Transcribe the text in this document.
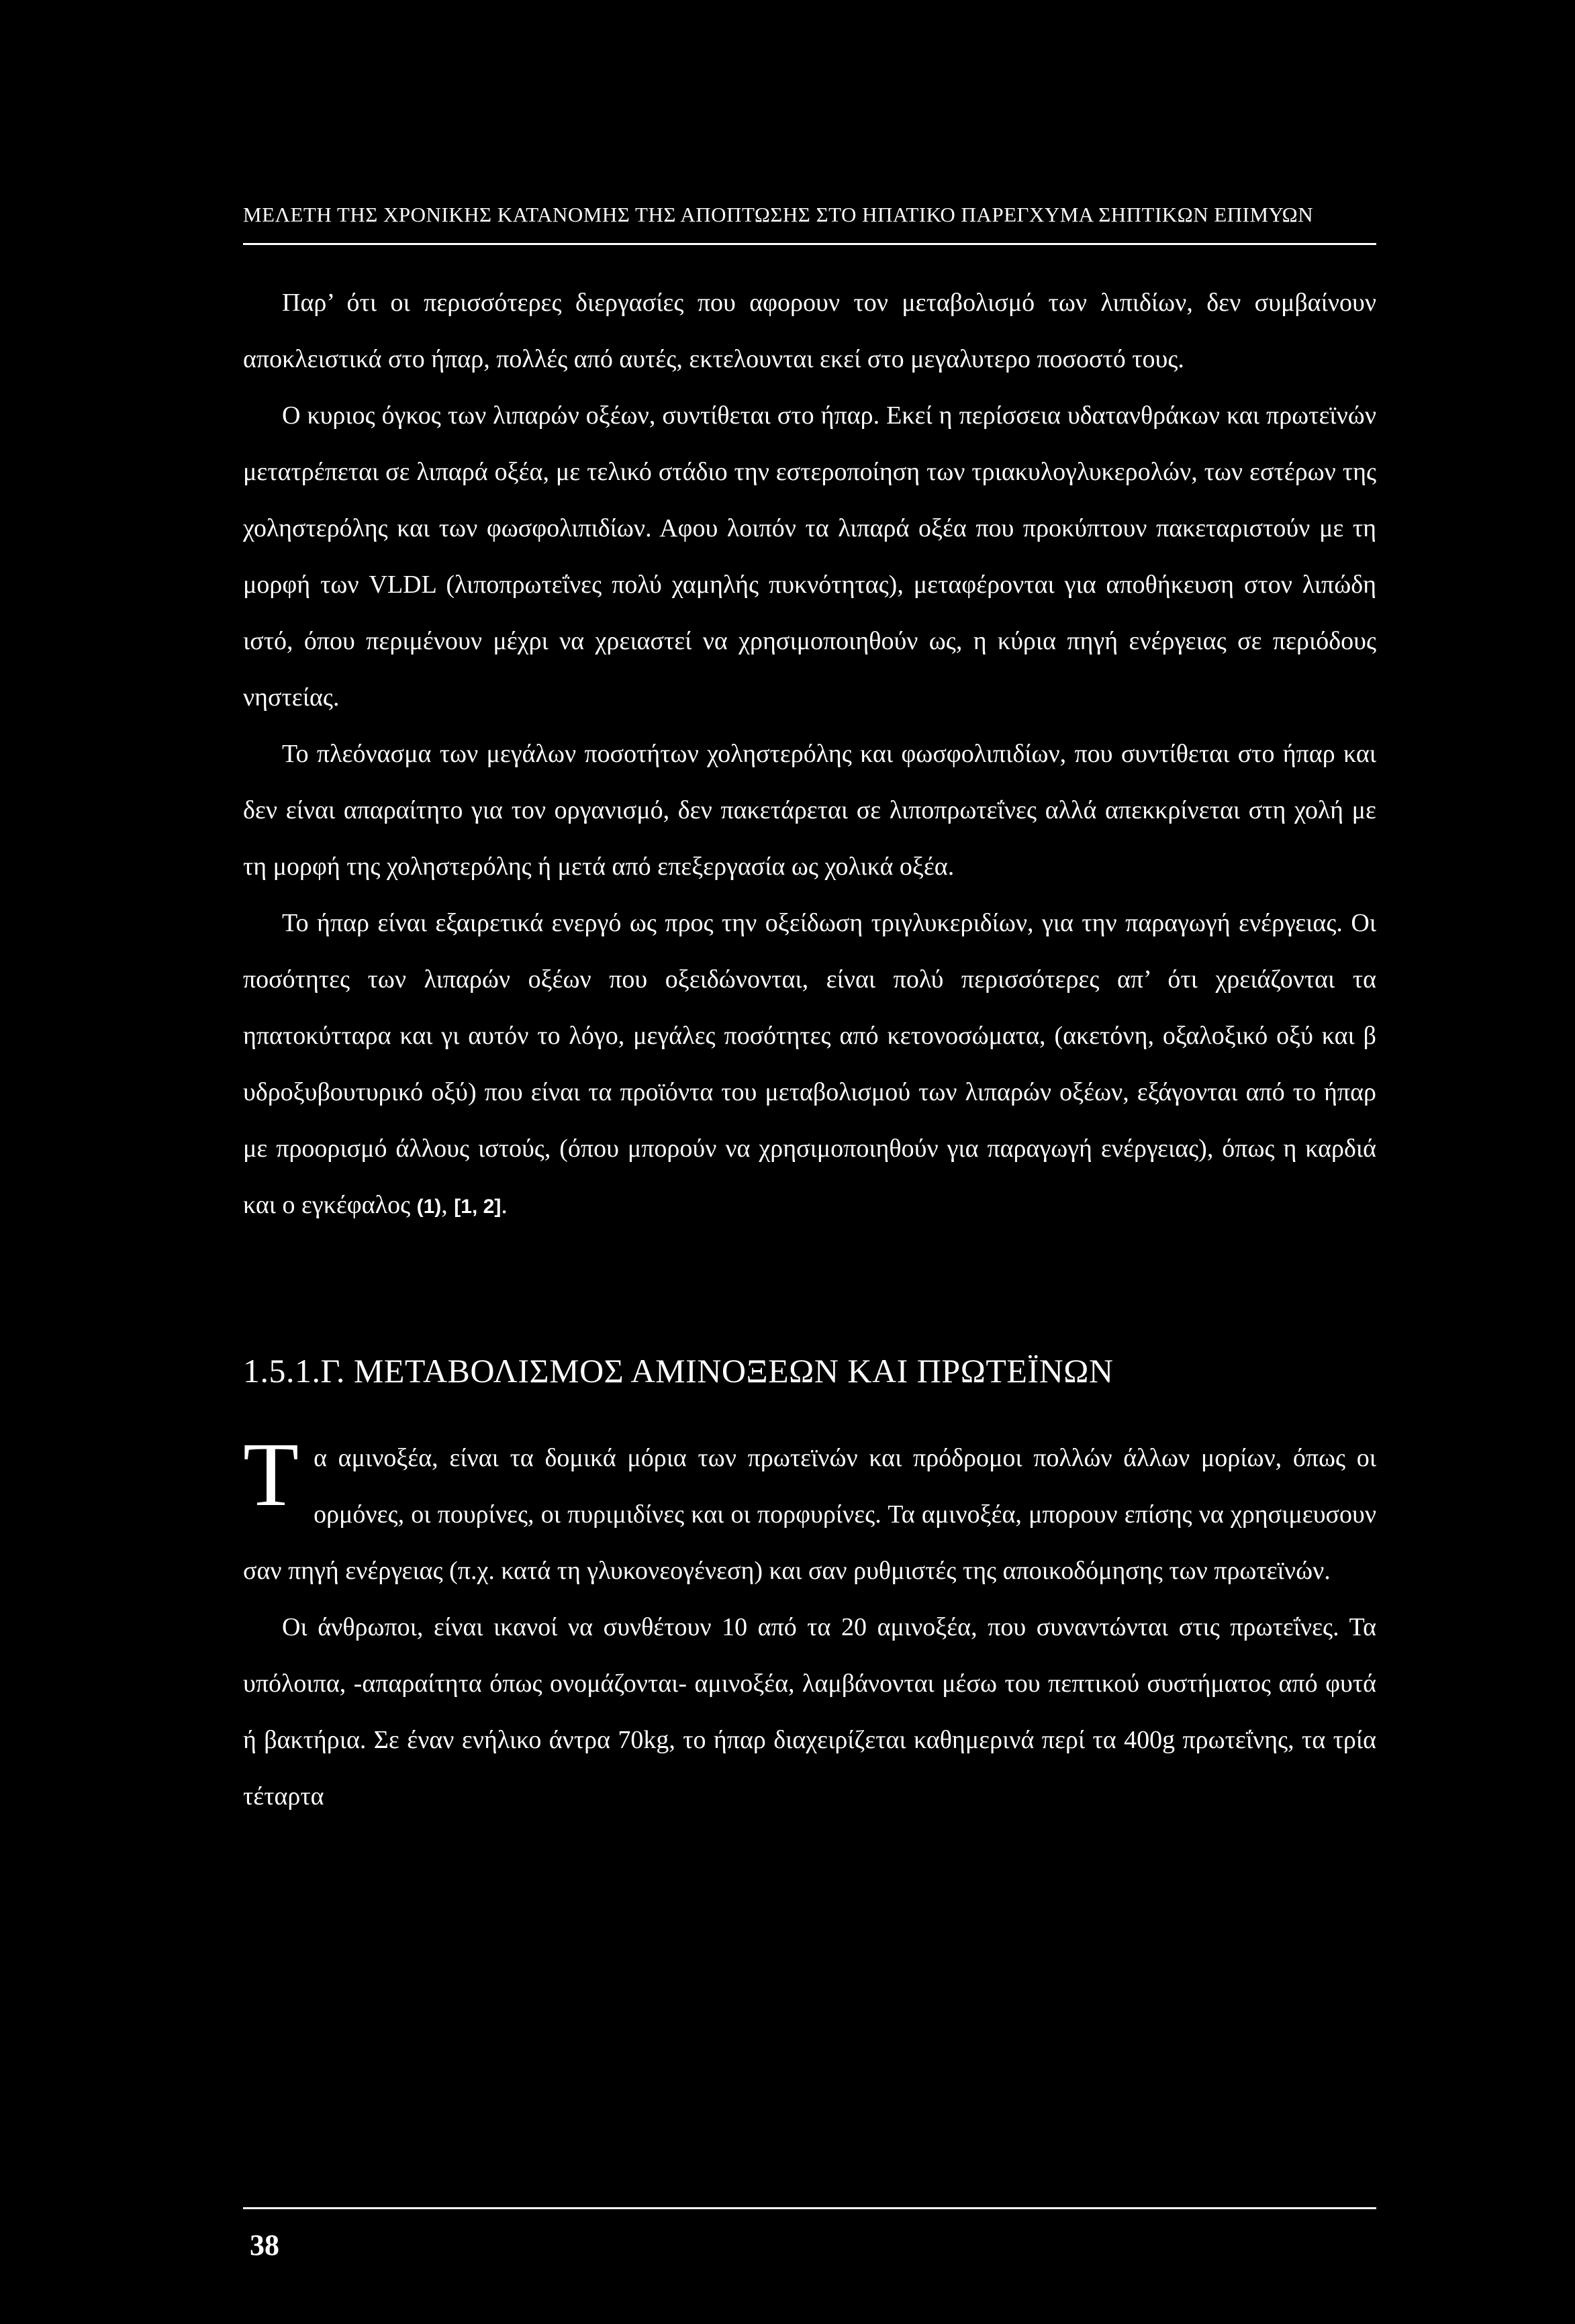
ΜΕΛΕΤΗ ΤΗΣ ΧΡΟΝΙΚΗΣ ΚΑΤΑΝΟΜΗΣ ΤΗΣ ΑΠΟΠΤΩΣΗΣ ΣΤΟ ΗΠΑΤΙΚΟ ΠΑΡΕΓΧΥΜΑ ΣΗΠΤΙΚΩΝ ΕΠΙΜΥΩΝ

Παρ’ ότι οι περισσότερες διεργασίες που αφορουν τον μεταβολισμό των λιπιδίων, δεν συμβαίνουν αποκλειστικά στο ήπαρ, πολλές από αυτές, εκτελουνται εκεί στο μεγαλυτερο ποσοστό τους.

Ο κυριος όγκος των λιπαρών οξέων, συντίθεται στο ήπαρ. Εκεί η περίσσεια υδατανθράκων και πρωτεϊνών μετατρέπεται σε λιπαρά οξέα, με τελικό στάδιο την εστεροποίηση των τριακυλογλυκερολών, των εστέρων της χοληστερόλης και των φωσφολιπιδίων. Αφου λοιπόν τα λιπαρά οξέα που προκύπτουν πακεταριστούν με τη μορφή των VLDL (λιποπρωτεΐνες πολύ χαμηλής πυκνότητας), μεταφέρονται για αποθήκευση στον λιπώδη ιστό, όπου περιμένουν μέχρι να χρειαστεί να χρησιμοποιηθούν ως, η κύρια πηγή ενέργειας σε περιόδους νηστείας.

Το πλεόνασμα των μεγάλων ποσοτήτων χοληστερόλης και φωσφολιπιδίων, που συντίθεται στο ήπαρ και δεν είναι απαραίτητο για τον οργανισμό, δεν πακετάρεται σε λιποπρωτεΐνες αλλά απεκκρίνεται στη χολή με τη μορφή της χοληστερόλης ή μετά από επεξεργασία ως χολικά οξέα.

Το ήπαρ είναι εξαιρετικά ενεργό ως προς την οξείδωση τριγλυκεριδίων, για την παραγωγή ενέργειας. Οι ποσότητες των λιπαρών οξέων που οξειδώνονται, είναι πολύ περισσότερες απ’ ότι χρειάζονται τα ηπατοκύτταρα και γι αυτόν το λόγο, μεγάλες ποσότητες από κετονοσώματα, (ακετόνη, οξαλοξικό οξύ και β υδροξυβουτυρικό οξύ) που είναι τα προϊόντα του μεταβολισμού των λιπαρών οξέων, εξάγονται από το ήπαρ με προορισμό άλλους ιστούς, (όπου μπορούν να χρησιμοποιηθούν για παραγωγή ενέργειας), όπως η καρδιά και ο εγκέφαλος (1), [1, 2].

1.5.1.Γ. ΜΕΤΑΒΟΛΙΣΜΟΣ ΑΜΙΝΟΞΕΩΝ ΚΑΙ ΠΡΩΤΕΪΝΩΝ

Τα αμινοξέα, είναι τα δομικά μόρια των πρωτεϊνών και πρόδρομοι πολλών άλλων μορίων, όπως οι ορμόνες, οι πουρίνες, οι πυριμιδίνες και οι πορφυρίνες. Τα αμινοξέα, μπορουν επίσης να χρησιμευσουν σαν πηγή ενέργειας (π.χ. κατά τη γλυκονεογένεση) και σαν ρυθμιστές της αποικοδόμησης των πρωτεϊνών.

Οι άνθρωποι, είναι ικανοί να συνθέτουν 10 από τα 20 αμινοξέα, που συναντώνται στις πρωτεΐνες. Τα υπόλοιπα, -απαραίτητα όπως ονομάζονται- αμινοξέα, λαμβάνονται μέσω του πεπτικού συστήματος από φυτά ή βακτήρια. Σε έναν ενήλικο άντρα 70kg, το ήπαρ διαχειρίζεται καθημερινά περί τα 400g πρωτεΐνης, τα τρία τέταρτα

38
